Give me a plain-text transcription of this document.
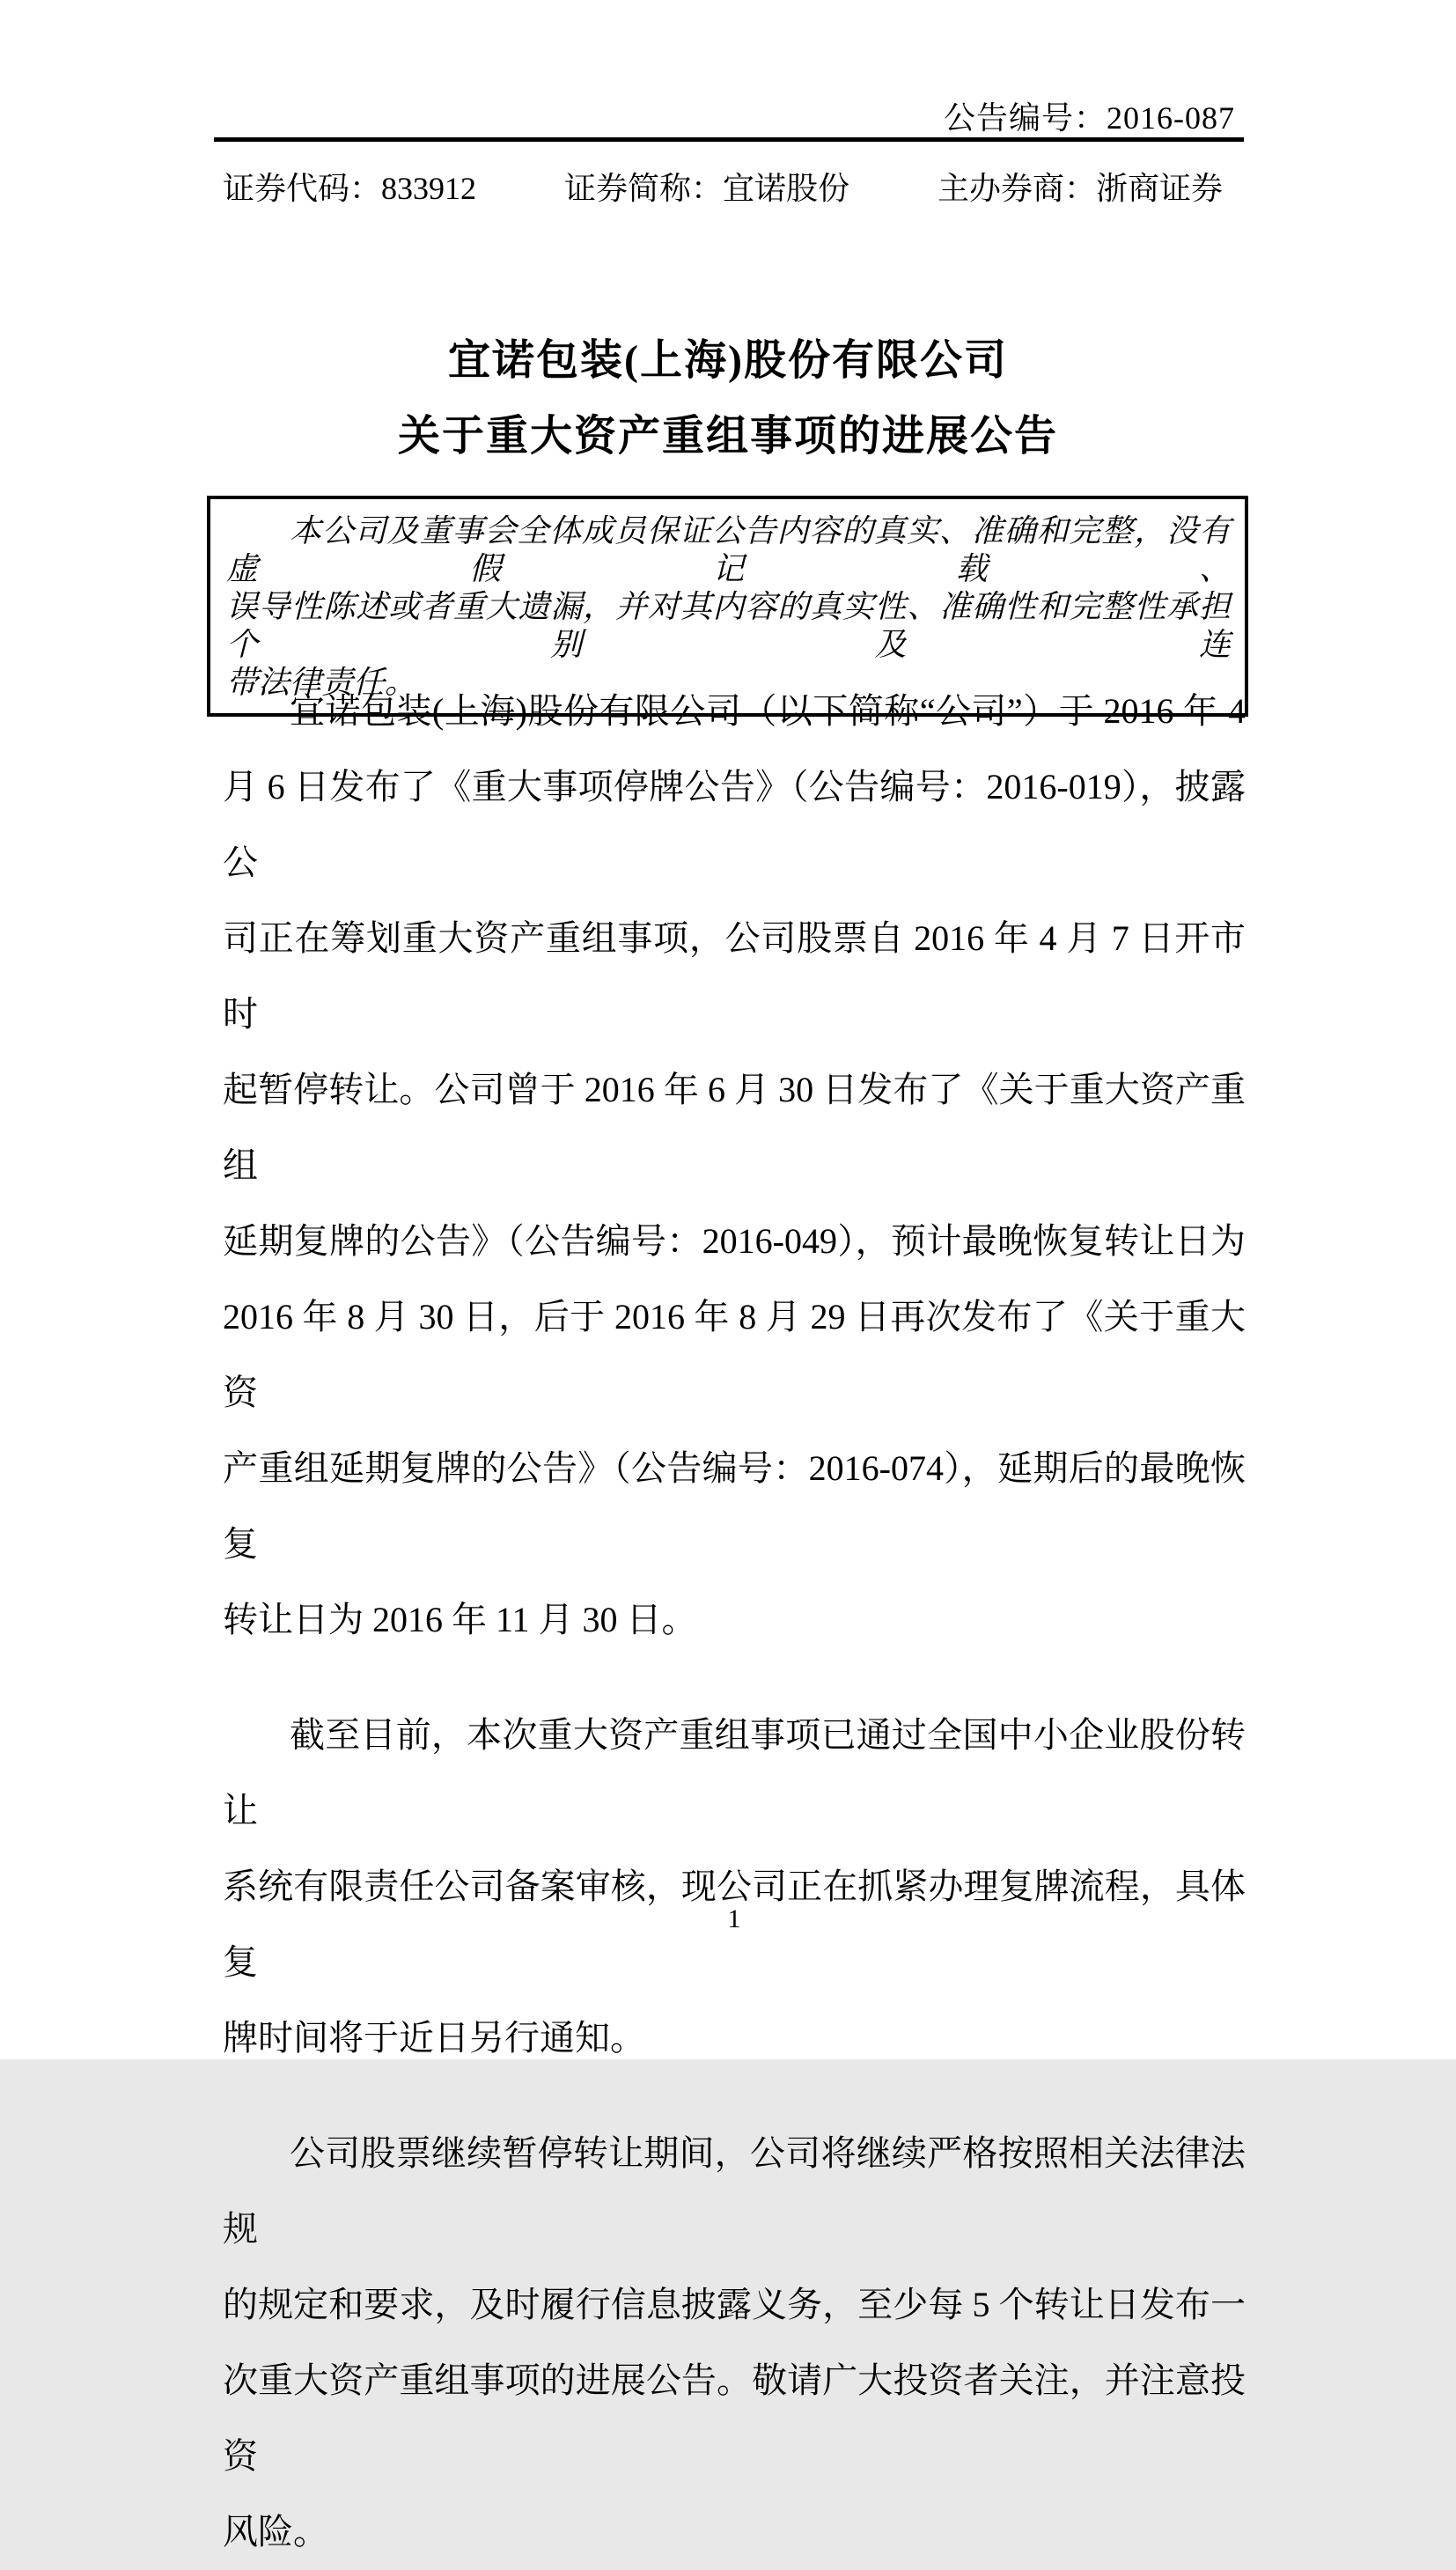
公告编号：2016-087
证券代码：833912	证券简称：宜诺股份	主办券商：浙商证券
宜诺包装(上海)股份有限公司
关于重大资产重组事项的进展公告
本公司及董事会全体成员保证公告内容的真实、准确和完整，没有虚假记载、
误导性陈述或者重大遗漏，并对其内容的真实性、准确性和完整性承担个别及连
带法律责任。
宜诺包装(上海)股份有限公司（以下简称“公司”）于 2016 年 4
月 6 日发布了《重大事项停牌公告》（公告编号：2016-019），披露公
司正在筹划重大资产重组事项，公司股票自 2016 年 4 月 7 日开市时
起暂停转让。公司曾于 2016 年 6 月 30 日发布了《关于重大资产重组
延期复牌的公告》（公告编号：2016-049），预计最晚恢复转让日为
2016 年 8 月 30 日，后于 2016 年 8 月 29 日再次发布了《关于重大资
产重组延期复牌的公告》（公告编号：2016-074），延期后的最晚恢复
转让日为 2016 年 11 月 30 日。
截至目前，本次重大资产重组事项已通过全国中小企业股份转让
系统有限责任公司备案审核，现公司正在抓紧办理复牌流程，具体复
牌时间将于近日另行通知。
公司股票继续暂停转让期间，公司将继续严格按照相关法律法规
的规定和要求，及时履行信息披露义务，至少每 5 个转让日发布一
次重大资产重组事项的进展公告。敬请广大投资者关注，并注意投资
风险。
1
